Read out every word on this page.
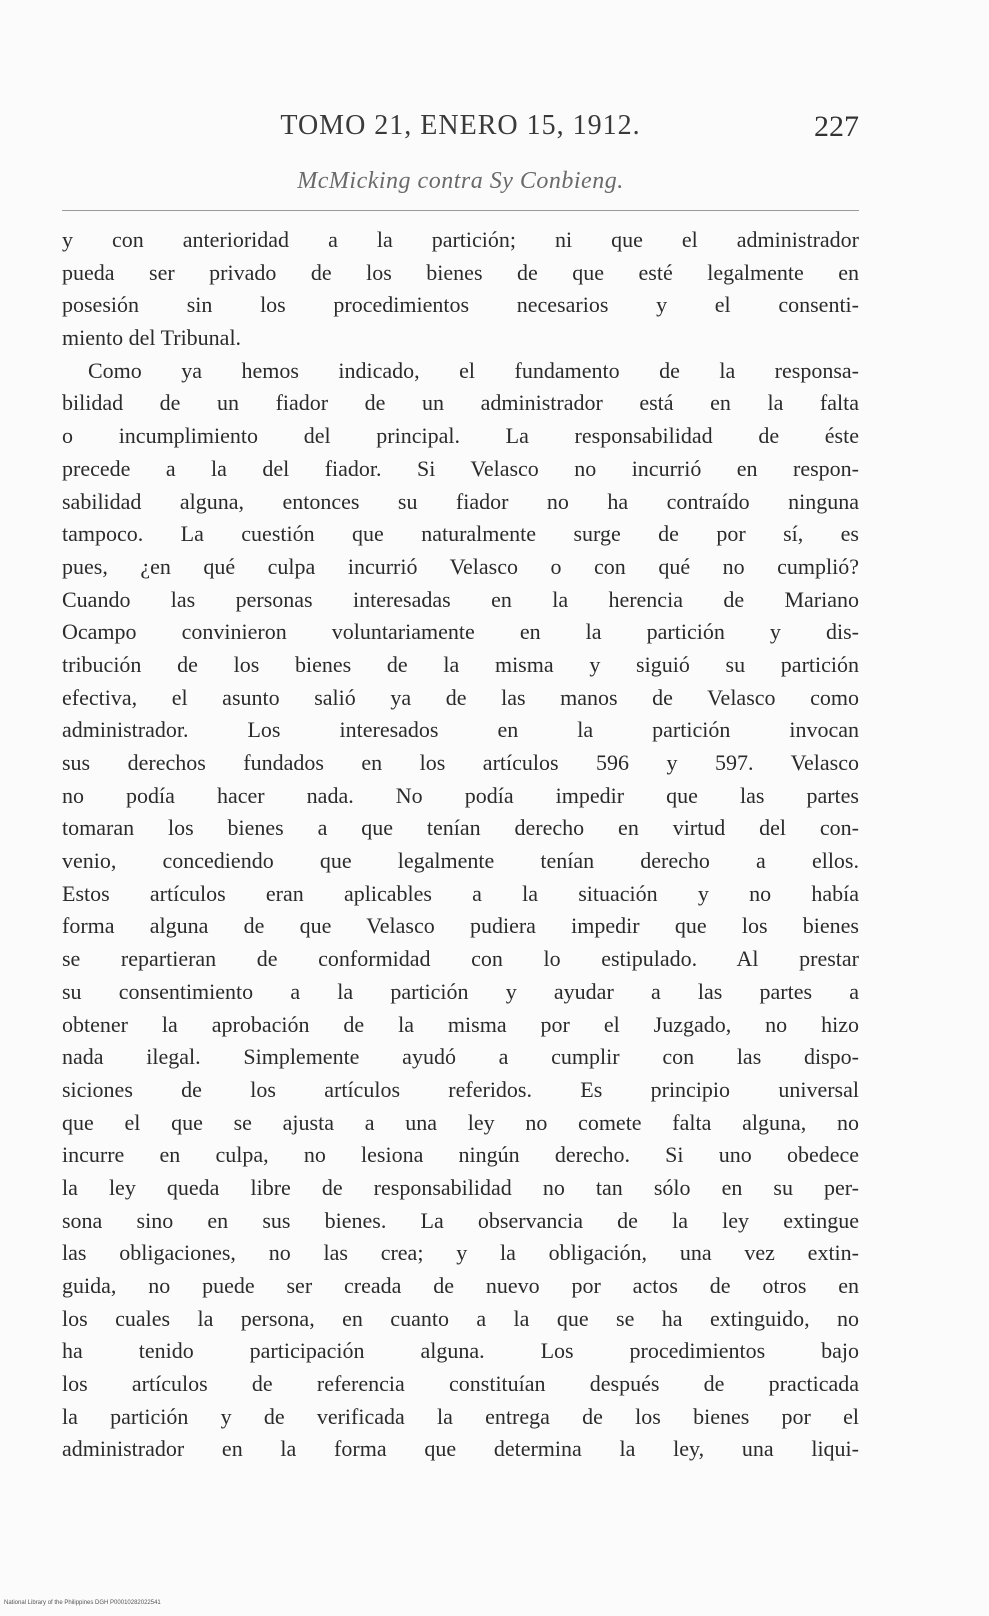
TOMO 21, ENERO 15, 1912.	227
McMicking contra Sy Conbieng.
y con anterioridad a la partición; ni que el administrador
pueda ser privado de los bienes de que esté legalmente en
posesión sin los procedimientos necesarios y el consenti-
miento del Tribunal.
Como ya hemos indicado, el fundamento de la responsa-
bilidad de un fiador de un administrador está en la falta
o incumplimiento del principal. La responsabilidad de éste
precede a la del fiador. Si Velasco no incurrió en respon-
sabilidad alguna, entonces su fiador no ha contraído ninguna
tampoco. La cuestión que naturalmente surge de por sí, es
pues, ¿en qué culpa incurrió Velasco o con qué no cumplió?
Cuando las personas interesadas en la herencia de Mariano
Ocampo convinieron voluntariamente en la partición y dis-
tribución de los bienes de la misma y siguió su partición
efectiva, el asunto salió ya de las manos de Velasco como
administrador. Los interesados en la partición invocan
sus derechos fundados en los artículos 596 y 597. Velasco
no podía hacer nada. No podía impedir que las partes
tomaran los bienes a que tenían derecho en virtud del con-
venio, concediendo que legalmente tenían derecho a ellos.
Estos artículos eran aplicables a la situación y no había
forma alguna de que Velasco pudiera impedir que los bienes
se repartieran de conformidad con lo estipulado. Al prestar
su consentimiento a la partición y ayudar a las partes a
obtener la aprobación de la misma por el Juzgado, no hizo
nada ilegal. Simplemente ayudó a cumplir con las dispo-
siciones de los artículos referidos. Es principio universal
que el que se ajusta a una ley no comete falta alguna, no
incurre en culpa, no lesiona ningún derecho. Si uno obedece
la ley queda libre de responsabilidad no tan sólo en su per-
sona sino en sus bienes. La observancia de la ley extingue
las obligaciones, no las crea; y la obligación, una vez extin-
guida, no puede ser creada de nuevo por actos de otros en
los cuales la persona, en cuanto a la que se ha extinguido, no
ha tenido participación alguna. Los procedimientos bajo
los artículos de referencia constituían después de practicada
la partición y de verificada la entrega de los bienes por el
administrador en la forma que determina la ley, una liqui-
National Library of the Philippines DGH P00010282022541
